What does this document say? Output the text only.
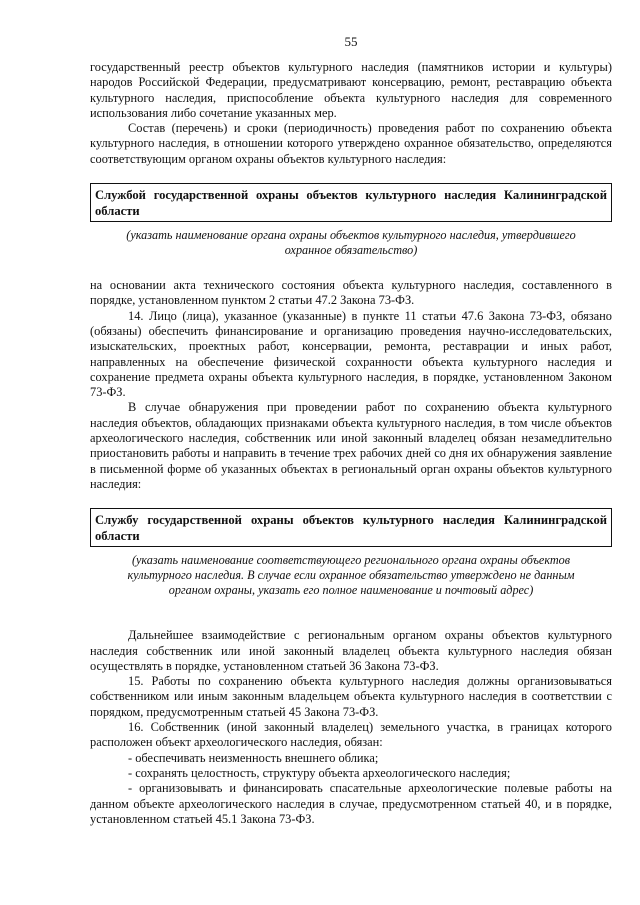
55

государственный реестр объектов культурного наследия (памятников истории и культуры) народов Российской Федерации, предусматривают консервацию, ремонт, реставрацию объекта культурного наследия, приспособление объекта культурного наследия для современного использования либо сочетание указанных мер.

Состав (перечень) и сроки (периодичность) проведения работ по сохранению объекта культурного наследия, в отношении которого утверждено охранное обязательство, определяются соответствующим органом охраны объектов культурного наследия:

Службой государственной охраны объектов культурного наследия Калининградской области
(указать наименование органа охраны объектов культурного наследия, утвердившего охранное обязательство)

на основании акта технического состояния объекта культурного наследия, составленного в порядке, установленном пунктом 2 статьи 47.2 Закона 73-ФЗ.

14. Лицо (лица), указанное (указанные) в пункте 11 статьи 47.6 Закона 73-ФЗ, обязано (обязаны) обеспечить финансирование и организацию проведения научно-исследовательских, изыскательских, проектных работ, консервации, ремонта, реставрации и иных работ, направленных на обеспечение физической сохранности объекта культурного наследия и сохранение предмета охраны объекта культурного наследия, в порядке, установленном Законом 73-ФЗ.

В случае обнаружения при проведении работ по сохранению объекта культурного наследия объектов, обладающих признаками объекта культурного наследия, в том числе объектов археологического наследия, собственник или иной законный владелец обязан незамедлительно приостановить работы и направить в течение трех рабочих дней со дня их обнаружения заявление в письменной форме об указанных объектах в региональный орган охраны объектов культурного наследия:

Службу государственной охраны объектов культурного наследия Калининградской области
(указать наименование соответствующего регионального органа охраны объектов культурного наследия. В случае если охранное обязательство утверждено не данным органом охраны, указать его полное наименование и почтовый адрес)

Дальнейшее взаимодействие с региональным органом охраны объектов культурного наследия собственник или иной законный владелец объекта культурного наследия обязан осуществлять в порядке, установленном статьей 36 Закона 73-ФЗ.

15. Работы по сохранению объекта культурного наследия должны организовываться собственником или иным законным владельцем объекта культурного наследия в соответствии с порядком, предусмотренным статьей 45 Закона 73-ФЗ.

16. Собственник (иной законный владелец) земельного участка, в границах которого расположен объект археологического наследия, обязан:

- обеспечивать неизменность внешнего облика;

- сохранять целостность, структуру объекта археологического наследия;

- организовывать и финансировать спасательные археологические полевые работы на данном объекте археологического наследия в случае, предусмотренном статьей 40, и в порядке, установленном статьей 45.1 Закона 73-ФЗ.
